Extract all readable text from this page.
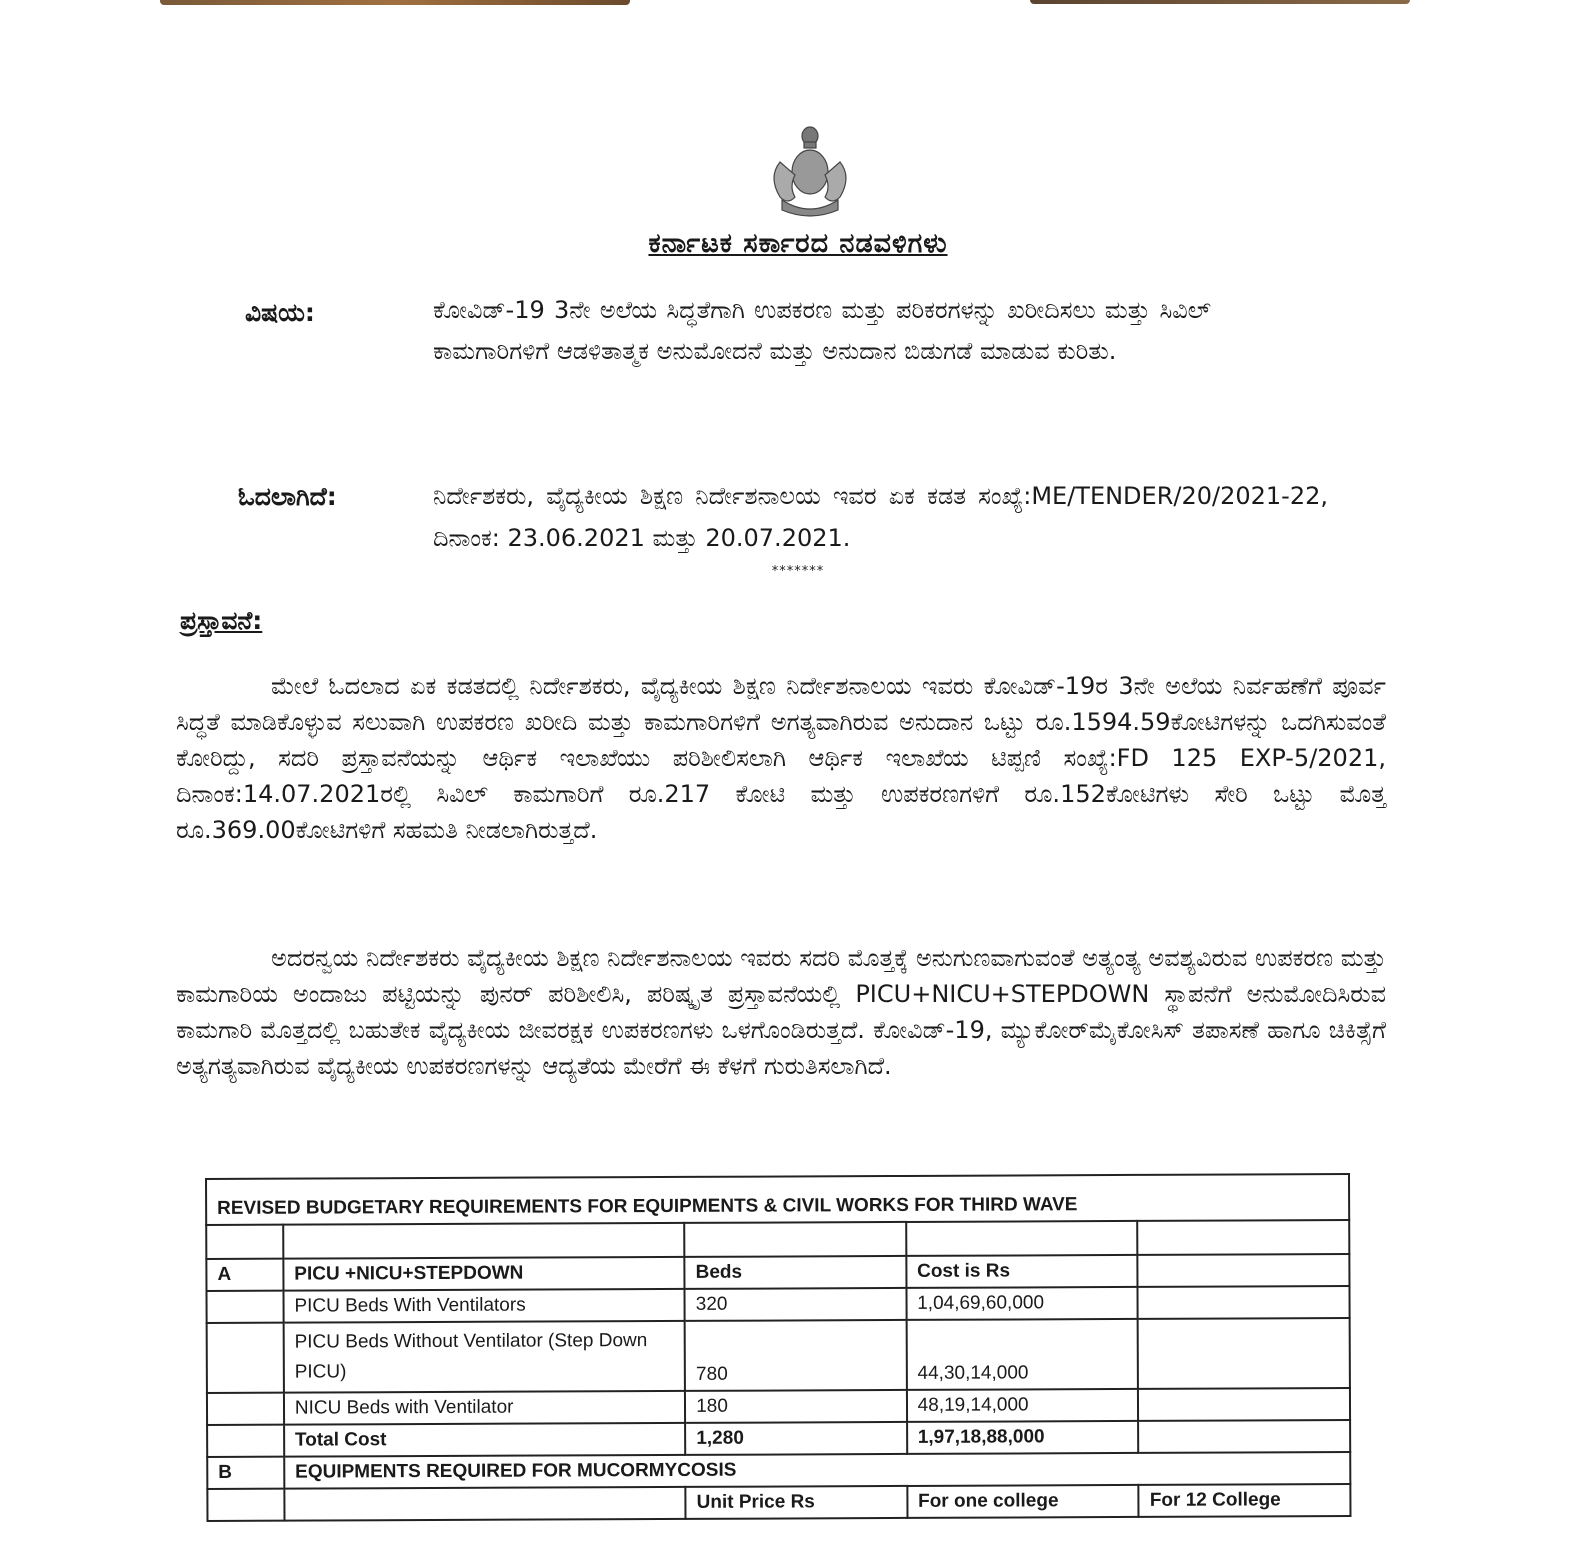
ಕರ್ನಾಟಕ ಸರ್ಕಾರದ ನಡವಳಿಗಳು
ವಿಷಯ:	ಕೋವಿಡ್-19 3ನೇ ಅಲೆಯ ಸಿದ್ಧತೆಗಾಗಿ ಉಪಕರಣ ಮತ್ತು ಪರಿಕರಗಳನ್ನು ಖರೀದಿಸಲು ಮತ್ತು ಸಿವಿಲ್ ಕಾಮಗಾರಿಗಳಿಗೆ ಆಡಳಿತಾತ್ಮಕ ಅನುಮೋದನೆ ಮತ್ತು ಅನುದಾನ ಬಿಡುಗಡೆ ಮಾಡುವ ಕುರಿತು.
ಓದಲಾಗಿದೆ:	ನಿರ್ದೇಶಕರು, ವೈದ್ಯಕೀಯ ಶಿಕ್ಷಣ ನಿರ್ದೇಶನಾಲಯ ಇವರ ಏಕ ಕಡತ ಸಂಖ್ಯೆ:ME/TENDER/20/2021-22, ದಿನಾಂಕ: 23.06.2021 ಮತ್ತು 20.07.2021.
*******
ಪ್ರಸ್ತಾವನೆ:
ಮೇಲೆ ಓದಲಾದ ಏಕ ಕಡತದಲ್ಲಿ ನಿರ್ದೇಶಕರು, ವೈದ್ಯಕೀಯ ಶಿಕ್ಷಣ ನಿರ್ದೇಶನಾಲಯ ಇವರು ಕೋವಿಡ್-19ರ 3ನೇ ಅಲೆಯ ನಿರ್ವಹಣೆಗೆ ಪೂರ್ವ ಸಿದ್ಧತೆ ಮಾಡಿಕೊಳ್ಳುವ ಸಲುವಾಗಿ ಉಪಕರಣ ಖರೀದಿ ಮತ್ತು ಕಾಮಗಾರಿಗಳಿಗೆ ಅಗತ್ಯವಾಗಿರುವ ಅನುದಾನ ಒಟ್ಟು ರೂ.1594.59ಕೋಟಿಗಳನ್ನು ಒದಗಿಸುವಂತೆ ಕೋರಿದ್ದು, ಸದರಿ ಪ್ರಸ್ತಾವನೆಯನ್ನು ಆರ್ಥಿಕ ಇಲಾಖೆಯು ಪರಿಶೀಲಿಸಲಾಗಿ ಆರ್ಥಿಕ ಇಲಾಖೆಯ ಟಿಪ್ಪಣಿ ಸಂಖ್ಯೆ:FD 125 EXP-5/2021, ದಿನಾಂಕ:14.07.2021ರಲ್ಲಿ ಸಿವಿಲ್ ಕಾಮಗಾರಿಗೆ ರೂ.217 ಕೋಟಿ ಮತ್ತು ಉಪಕರಣಗಳಿಗೆ ರೂ.152ಕೋಟಿಗಳು ಸೇರಿ ಒಟ್ಟು ಮೊತ್ತ ರೂ.369.00ಕೋಟಿಗಳಿಗೆ ಸಹಮತಿ ನೀಡಲಾಗಿರುತ್ತದೆ.
ಅದರನ್ವಯ ನಿರ್ದೇಶಕರು ವೈದ್ಯಕೀಯ ಶಿಕ್ಷಣ ನಿರ್ದೇಶನಾಲಯ ಇವರು ಸದರಿ ಮೊತ್ತಕ್ಕೆ ಅನುಗುಣವಾಗುವಂತೆ ಅತ್ಯಂತ್ಯ ಅವಶ್ಯವಿರುವ ಉಪಕರಣ ಮತ್ತು ಕಾಮಗಾರಿಯ ಅಂದಾಜು ಪಟ್ಟಿಯನ್ನು ಪುನರ್ ಪರಿಶೀಲಿಸಿ, ಪರಿಷ್ಕೃತ ಪ್ರಸ್ತಾವನೆಯಲ್ಲಿ PICU+NICU+STEPDOWN ಸ್ಥಾಪನೆಗೆ ಅನುಮೋದಿಸಿರುವ ಕಾಮಗಾರಿ ಮೊತ್ತದಲ್ಲಿ ಬಹುತೇಕ ವೈದ್ಯಕೀಯ ಜೀವರಕ್ಷಕ ಉಪಕರಣಗಳು ಒಳಗೊಂಡಿರುತ್ತದೆ. ಕೋವಿಡ್-19, ಮ್ಯುಕೋರ್‌ಮೈಕೋಸಿಸ್ ತಪಾಸಣೆ ಹಾಗೂ ಚಿಕಿತ್ಸೆಗೆ ಅತ್ಯಗತ್ಯವಾಗಿರುವ ವೈದ್ಯಕೀಯ ಉಪಕರಣಗಳನ್ನು ಆದ್ಯತೆಯ ಮೇರೆಗೆ ಈ ಕೆಳಗೆ ಗುರುತಿಸಲಾಗಿದೆ.
REVISED BUDGETARY REQUIREMENTS FOR EQUIPMENTS & CIVIL WORKS FOR THIRD WAVE				

A	PICU +NICU+STEPDOWN	Beds	Cost is Rs	
	PICU Beds With Ventilators	320	1,04,69,60,000	
	PICU Beds Without Ventilator (Step Down PICU)	780	44,30,14,000	
	NICU Beds with Ventilator	180	48,19,14,000	
	Total Cost	1,280	1,97,18,88,000	
B	EQUIPMENTS REQUIRED FOR MUCORMYCOSIS			
		Unit Price Rs	For one college	For 12 College
